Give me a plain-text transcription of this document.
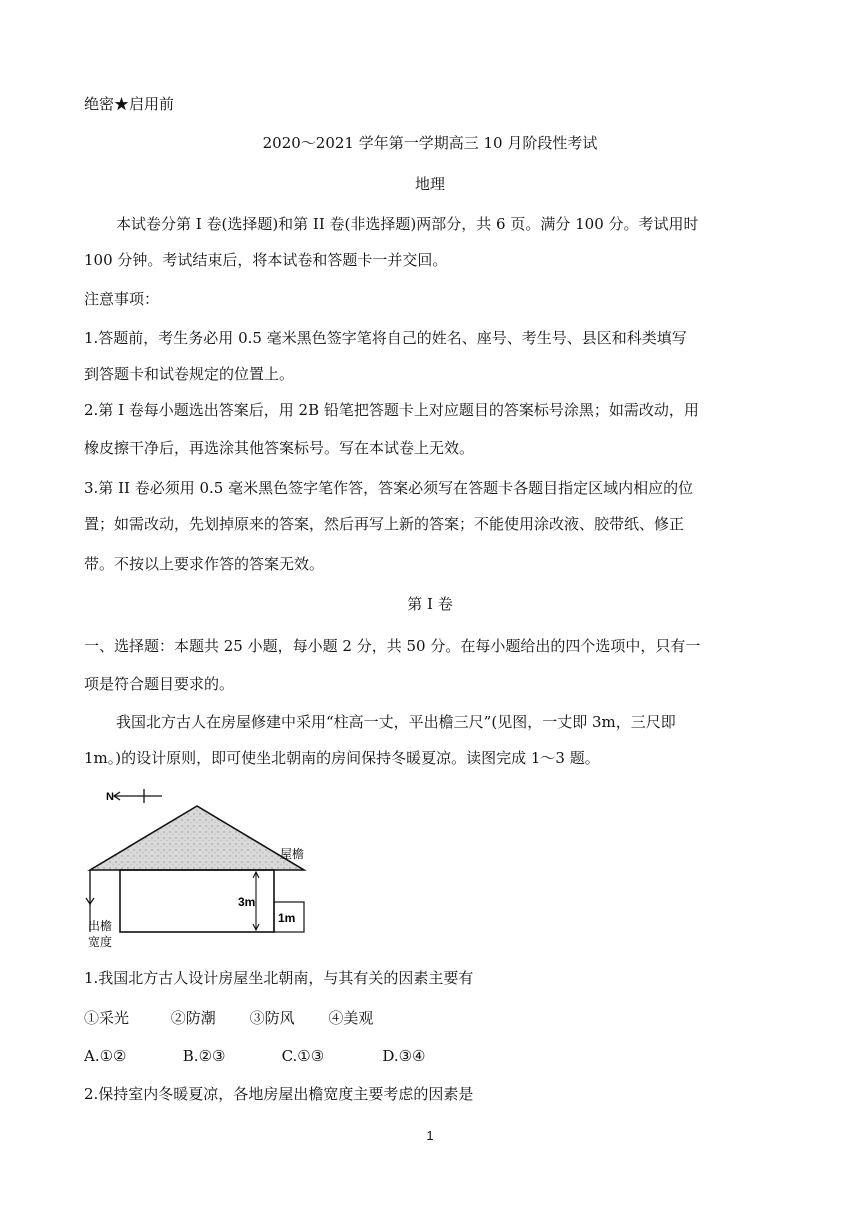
绝密★启用前
2020～2021 学年第一学期高三 10 月阶段性考试
地理
本试卷分第 I 卷(选择题)和第 II 卷(非选择题)两部分，共 6 页。满分 100 分。考试用时
100 分钟。考试结束后，将本试卷和答题卡一并交回。
注意事项：
1.答题前，考生务必用 0.5 毫米黑色签字笔将自己的姓名、座号、考生号、县区和科类填写
到答题卡和试卷规定的位置上。
2.第 I 卷每小题选出答案后，用 2B 铅笔把答题卡上对应题目的答案标号涂黑；如需改动，用
橡皮擦干净后，再选涂其他答案标号。写在本试卷上无效。
3.第 II 卷必须用 0.5 毫米黑色签字笔作答，答案必须写在答题卡各题目指定区域内相应的位
置；如需改动，先划掉原来的答案，然后再写上新的答案；不能使用涂改液、胶带纸、修正
带。不按以上要求作答的答案无效。
第 I 卷
一、选择题：本题共 25 小题，每小题 2 分，共 50 分。在每小题给出的四个选项中，只有一
项是符合题目要求的。
我国北方古人在房屋修建中采用“柱高一丈，平出檐三尺”(见图，一丈即 3m，三尺即
1m。)的设计原则，即可使坐北朝南的房间保持冬暖夏凉。读图完成 1～3 题。
N
屋檐
3m
1m
出檐
宽度
1.我国北方古人设计房屋坐北朝南，与其有关的因素主要有
①采光	②防潮 ③防风 ④美观
A.①②	B.②③	C.①③	D.③④
2.保持室内冬暖夏凉，各地房屋出檐宽度主要考虑的因素是
1
